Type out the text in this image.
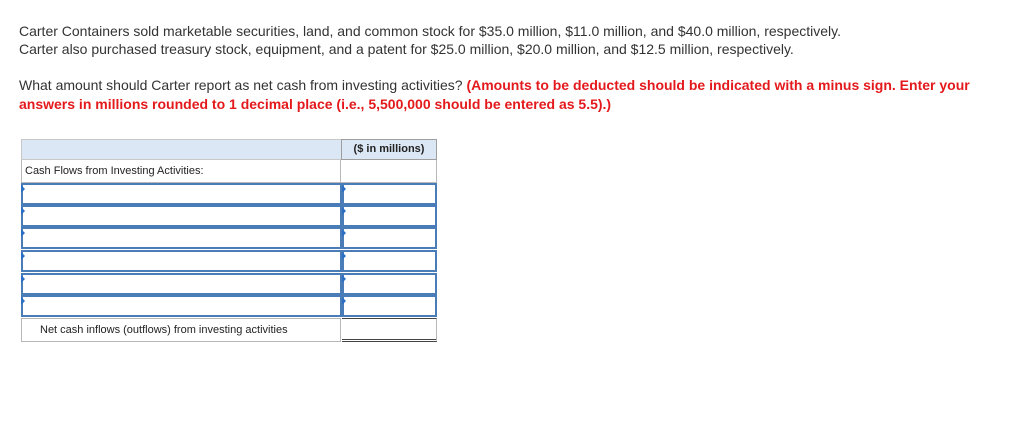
Carter Containers sold marketable securities, land, and common stock for $35.0 million, $11.0 million, and $40.0 million, respectively.

Carter also purchased treasury stock, equipment, and a patent for $25.0 million, $20.0 million, and $12.5 million, respectively.

What amount should Carter report as net cash from investing activities? (Amounts to be deducted should be indicated with a minus sign. Enter your answers in millions rounded to 1 decimal place (i.e., 5,500,000 should be entered as 5.5).)
($ in millions)
Cash Flows from Investing Activities:
Net cash inflows (outflows) from investing activities
